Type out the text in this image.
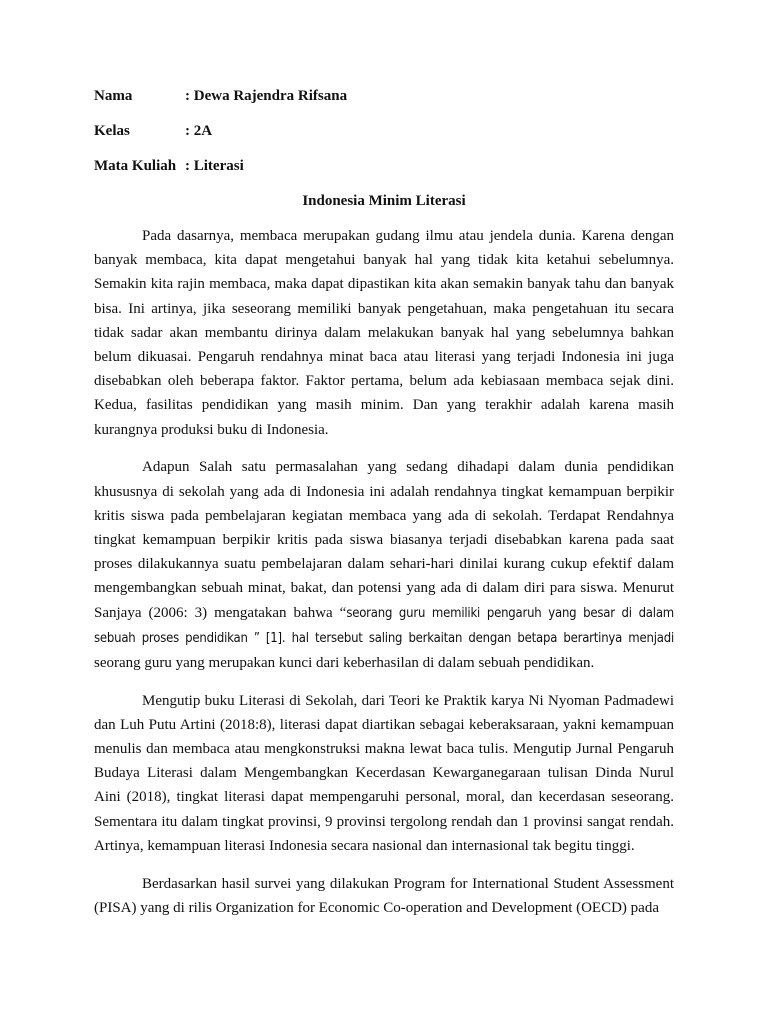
Nama	: Dewa Rajendra Rifsana
Kelas	: 2A
Mata Kuliah : Literasi
Indonesia Minim Literasi

Pada dasarnya, membaca merupakan gudang ilmu atau jendela dunia. Karena dengan banyak membaca, kita dapat mengetahui banyak hal yang tidak kita ketahui sebelumnya. Semakin kita rajin membaca, maka dapat dipastikan kita akan semakin banyak tahu dan banyak bisa. Ini artinya, jika seseorang memiliki banyak pengetahuan, maka pengetahuan itu secara tidak sadar akan membantu dirinya dalam melakukan banyak hal yang sebelumnya bahkan belum dikuasai. Pengaruh rendahnya minat baca atau literasi yang terjadi Indonesia ini juga disebabkan oleh beberapa faktor. Faktor pertama, belum ada kebiasaan membaca sejak dini. Kedua, fasilitas pendidikan yang masih minim. Dan yang terakhir adalah karena masih kurangnya produksi buku di Indonesia.

Adapun Salah satu permasalahan yang sedang dihadapi dalam dunia pendidikan khususnya di sekolah yang ada di Indonesia ini adalah rendahnya tingkat kemampuan berpikir kritis siswa pada pembelajaran kegiatan membaca yang ada di sekolah. Terdapat Rendahnya tingkat kemampuan berpikir kritis pada siswa biasanya terjadi disebabkan karena pada saat proses dilakukannya suatu pembelajaran dalam sehari-hari dinilai kurang cukup efektif dalam mengembangkan sebuah minat, bakat, dan potensi yang ada di dalam diri para siswa. Menurut Sanjaya (2006: 3) mengatakan bahwa “seorang guru memiliki pengaruh yang besar di dalam sebuah proses pendidikan ” [1]. hal tersebut saling berkaitan dengan betapa berartinya menjadi seorang guru yang merupakan kunci dari keberhasilan di dalam sebuah pendidikan.

Mengutip buku Literasi di Sekolah, dari Teori ke Praktik karya Ni Nyoman Padmadewi dan Luh Putu Artini (2018:8), literasi dapat diartikan sebagai keberaksaraan, yakni kemampuan menulis dan membaca atau mengkonstruksi makna lewat baca tulis. Mengutip Jurnal Pengaruh Budaya Literasi dalam Mengembangkan Kecerdasan Kewarganegaraan tulisan Dinda Nurul Aini (2018), tingkat literasi dapat mempengaruhi personal, moral, dan kecerdasan seseorang. Sementara itu dalam tingkat provinsi, 9 provinsi tergolong rendah dan 1 provinsi sangat rendah. Artinya, kemampuan literasi Indonesia secara nasional dan internasional tak begitu tinggi.

Berdasarkan hasil survei yang dilakukan Program for International Student Assessment (PISA) yang di rilis Organization for Economic Co-operation and Development (OECD) pada
